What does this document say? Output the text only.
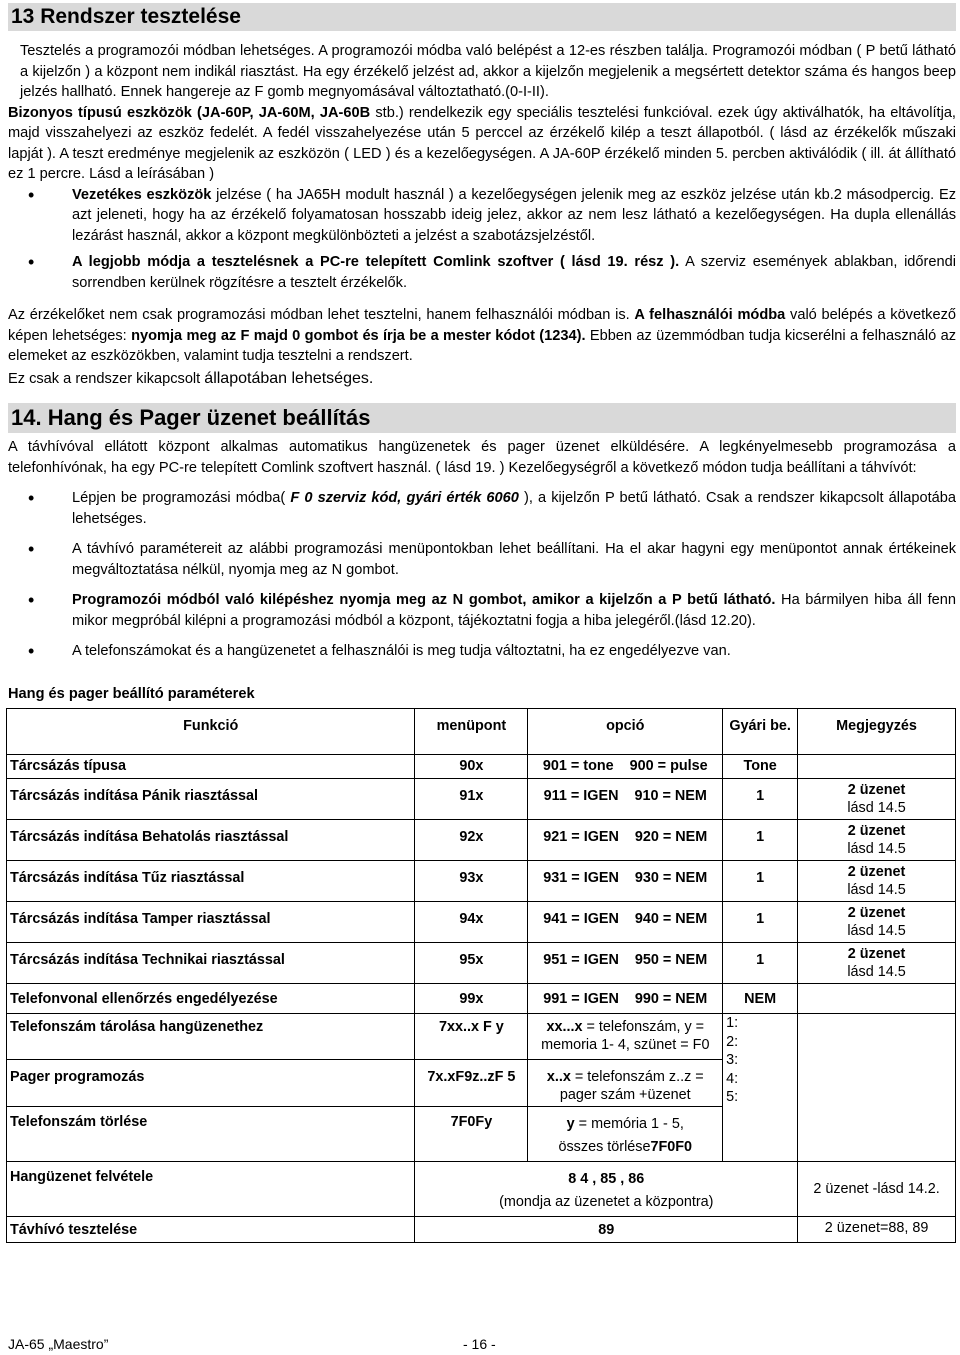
13 Rendszer tesztelése

Tesztelés a programozói módban lehetséges. A programozói módba való belépést a 12-es részben találja. Programozói módban ( P betű látható a kijelzőn ) a központ nem indikál riasztást. Ha egy érzékelő jelzést ad, akkor a kijelzőn megjelenik a megsértett detektor száma és hangos beep jelzés hallható. Ennek hangereje az F gomb megnyomásával változtatható.(0-I-II).

Bizonyos típusú eszközök (JA-60P, JA-60M, JA-60B stb.) rendelkezik egy speciális tesztelési funkcióval. ezek úgy aktiválhatók, ha eltávolítja, majd visszahelyezi az eszköz fedelét. A fedél visszahelyezése után 5 perccel az érzékelő kilép a teszt állapotból. ( lásd az érzékelők műszaki lapját ). A teszt eredménye megjelenik az eszközön ( LED ) és a kezelőegységen. A JA-60P érzékelő minden 5. percben aktiválódik ( ill. át állítható ez 1 percre. Lásd a leírásában )

•	Vezetékes eszközök jelzése ( ha JA65H modult használ ) a kezelőegységen jelenik meg az eszköz jelzése után kb.2 másodpercig. Ez azt jeleneti, hogy ha az érzékelő folyamatosan hosszabb ideig jelez, akkor az nem lesz látható a kezelőegységen. Ha dupla ellenállás lezárást használ, akkor a központ megkülönbözteti a jelzést a szabotázsjelzéstől.
•	A legjobb módja a tesztelésnek a PC-re telepített Comlink szoftver ( lásd 19. rész ). A szerviz események ablakban, időrendi sorrendben kerülnek rögzítésre a tesztelt érzékelők.

Az érzékelőket nem csak programozási módban lehet tesztelni, hanem felhasználói módban is. A felhasználói módba való belépés a következő képen lehetséges: nyomja meg az F majd 0 gombot és írja be a mester kódot (1234). Ebben az üzemmódban tudja kicserélni a felhasználó az elemeket az eszközökben, valamint tudja tesztelni a rendszert.

Ez csak a rendszer kikapcsolt állapotában lehetséges.

14. Hang és Pager üzenet beállítás

A távhívóval ellátott központ alkalmas automatikus hangüzenetek és pager üzenet elküldésére. A legkényelmesebb programozása a telefonhívónak, ha egy PC-re telepített Comlink szoftvert használ. ( lásd 19. ) Kezelőegységről a következő módon tudja beállítani a táhvívót:

•	Lépjen be programozási módba( F 0 szerviz kód, gyári érték 6060 ), a kijelzőn P betű látható. Csak a rendszer kikapcsolt állapotába lehetséges.
•	A távhívó paramétereit az alábbi programozási menüpontokban lehet beállítani. Ha el akar hagyni egy menüpontot annak értékeinek megváltoztatása nélkül, nyomja meg az N gombot.
•	Programozói módból való kilépéshez nyomja meg az N gombot, amikor a kijelzőn a P betű látható. Ha bármilyen hiba áll fenn mikor megpróbál kilépni a programozási módból a központ, tájékoztatni fogja a hiba jelegéről.(lásd 12.20).
•	A telefonszámokat és a hangüzenetet a felhasználói is meg tudja változtatni, ha ez engedélyezve van.
Hang és pager beállító paraméterek
Funkció	menüpont	opció	Gyári be.	Megjegyzés
Tárcsázás típusa	90x	901 = tone 900 = pulse	Tone	
Tárcsázás indítása Pánik riasztással	91x	911 = IGEN 910 = NEM	1	2 üzenet
lásd 14.5
Tárcsázás indítása Behatolás riasztással	92x	921 = IGEN 920 = NEM	1	2 üzenet
lásd 14.5
Tárcsázás indítása Tűz riasztással	93x	931 = IGEN 930 = NEM	1	2 üzenet
lásd 14.5
Tárcsázás indítása Tamper riasztással	94x	941 = IGEN 940 = NEM	1	2 üzenet
lásd 14.5
Tárcsázás indítása Technikai riasztással	95x	951 = IGEN 950 = NEM	1	2 üzenet
lásd 14.5
Telefonvonal ellenőrzés engedélyezése	99x	991 = IGEN 990 = NEM	NEM	
Telefonszám tárolása hangüzenethez	7xx..x F y	xx...x = telefonszám, y =
memoria 1- 4, szünet = F0	1:
2:
3:
4:
5:	
Pager programozás	7x.xF9z..zF 5	x..x = telefonszám z..z =
pager szám +üzenet		
Telefonszám törlése	7F0Fy	y = memória 1 - 5,
összes törlése7F0F0		
Hangüzenet felvétele	8 4 , 85 , 86
(mondja az üzenetet a központra)			2 üzenet -lásd 14.2.
Távhívó tesztelése	89			2 üzenet=88, 89
JA-65 „Maestro”	- 16 -
